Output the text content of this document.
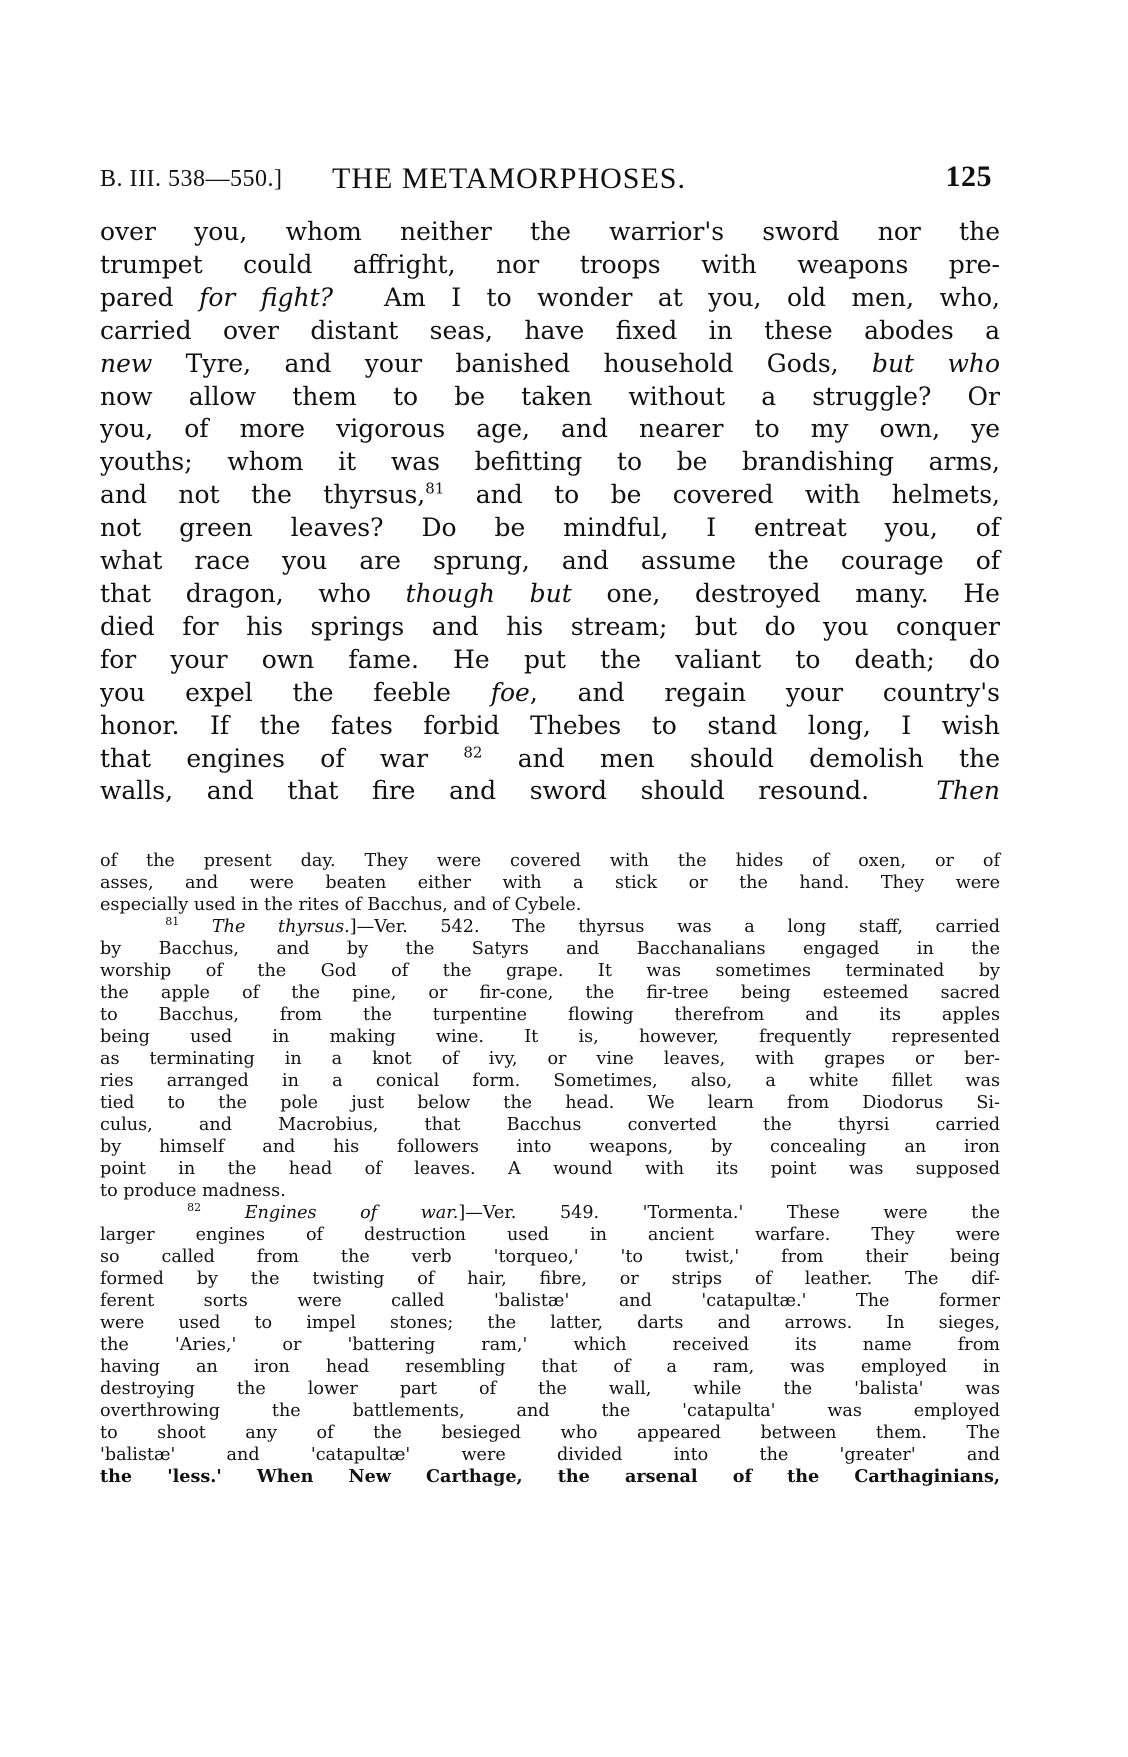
B. III. 538—550.] THE METAMORPHOSES.	125
over you, whom neither the warrior's sword nor the
trumpet could affright, nor troops with weapons pre-
pared for fight? Am I to wonder at you, old men, who,
carried over distant seas, have fixed in these abodes a
new Tyre, and your banished household Gods, but who
now allow them to be taken without a struggle? Or
you, of more vigorous age, and nearer to my own, ye
youths; whom it was befitting to be brandishing arms,
and not the thyrsus,$^{81}$ and to be covered with helmets,
not green leaves? Do be mindful, I entreat you, of
what race you are sprung, and assume the courage of
that dragon, who though but one, destroyed many. He
died for his springs and his stream; but do you conquer
for your own fame. He put the valiant to death; do
you expel the feeble foe, and regain your country's
honor. If the fates forbid Thebes to stand long, I wish
that engines of war $^{82}$ and men should demolish the
walls, and that fire and sword should resound.	Then
of the present day. They were covered with the hides of oxen, or of
asses, and were beaten either with a stick or the hand. They were
especially used in the rites of Bacchus, and of Cybele.
$^{81}$ The thyrsus.]—Ver. 542. The thyrsus was a long staff, carried
by Bacchus, and by the Satyrs and Bacchanalians engaged in the
worship of the God of the grape. It was sometimes terminated by
the apple of the pine, or fir-cone, the fir-tree being esteemed sacred
to Bacchus, from the turpentine flowing therefrom and its apples
being used in making wine. It is, however, frequently represented
as terminating in a knot of ivy, or vine leaves, with grapes or ber-
ries arranged in a conical form. Sometimes, also, a white fillet was
tied to the pole just below the head. We learn from Diodorus Si-
culus, and Macrobius, that Bacchus converted the thyrsi carried
by himself and his followers into weapons, by concealing an iron
point in the head of leaves. A wound with its point was supposed
to produce madness.
$^{82}$ Engines of war.]—Ver. 549. 'Tormenta.' These were the
larger engines of destruction used in ancient warfare. They were
so called from the verb 'torqueo,' 'to twist,' from their being
formed by the twisting of hair, fibre, or strips of leather. The dif-
ferent sorts were called 'balistæ' and 'catapultæ.' The former
were used to impel stones; the latter, darts and arrows. In sieges,
the 'Aries,' or 'battering ram,' which received its name from
having an iron head resembling that of a ram, was employed in
destroying the lower part of the wall, while the 'balista' was
overthrowing the battlements, and the 'catapulta' was employed
to shoot any of the besieged who appeared between them. The
'balistæ' and 'catapultæ' were divided into the 'greater' and
the 'less.' When New Carthage, the arsenal of the Carthaginians,
